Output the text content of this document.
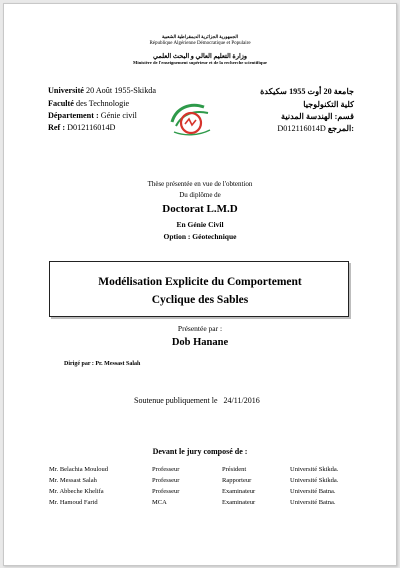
الجمهورية الجزائرية الديمقراطية الشعبية
République Algérienne Démocratique et Populaire
وزارة التعليم العالي و البحث العلمي
Ministère de l'enseignement supérieur et de la recherche scientifique
Université 20 Août 1955-Skikda
Faculté des Technologie
Département : Génie civil
Ref : D012116014D
جامعة 20 أوت 1955 سكيكدة
كلية التكنولوجيا
قسم: الهندسة المدنية
D012116014D المرجع:
Thèse présentée en vue de l'obtention
Du diplôme de
Doctorat L.M.D
En Génie Civil
Option : Géotechnique
Modélisation Explicite du Comportement
Cyclique des Sables
Présentée par :
Dob Hanane
Dirigé par : Pr. Messast Salah
Soutenue publiquement le 24/11/2016
Devant le jury composé de :
Mr. Belachia Mouloud	Professeur	Président	Université Skikda.
Mr. Messast Salah	Professeur	Rapporteur	Université Skikda.
Mr. Abbeche Khelifa	Professeur	Examinateur	Université Batna.
Mr. Hamoud Farid	MCA	Examinateur	Université Batna.
